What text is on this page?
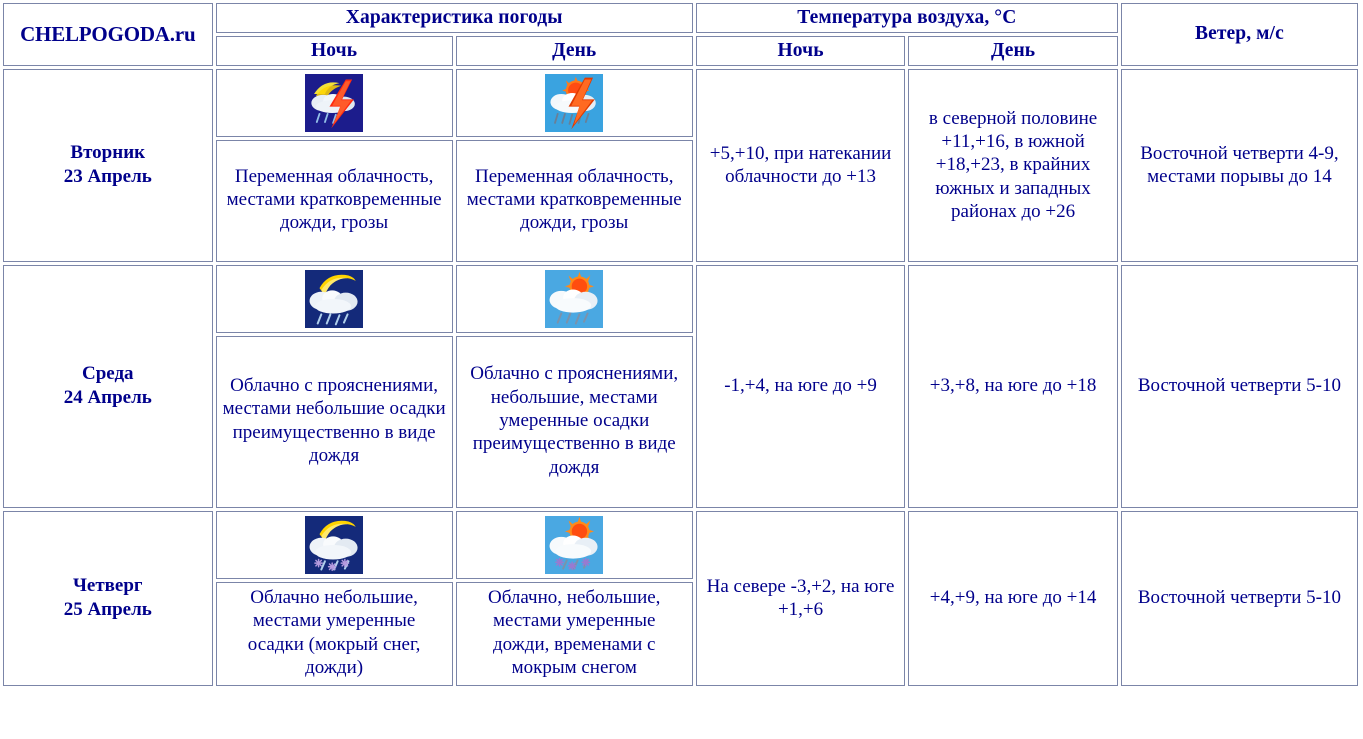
CHELPOGODA.ru	Характеристика погоды		Температура воздуха, °C		Ветер, м/с
	Ночь	День	Ночь	День	

Вторник
23 Апрель	Переменная облачность, местами кратковременные дожди, грозы	Переменная облачность, местами кратковременные дожди, грозы	+5,+10, при натекании облачности до +13	в северной половине +11,+16, в южной +18,+23, в крайних южных и западных районах до +26	Восточной четверти 4-9, местами порывы до 14

Среда
24 Апрель	Облачно с прояснениями, местами небольшие осадки преимущественно в виде дождя	Облачно с прояснениями, небольшие, местами умеренные осадки преимущественно в виде дождя	-1,+4, на юге до +9	+3,+8, на юге до +18	Восточной четверти 5-10

Четверг
25 Апрель	Облачно небольшие, местами умеренные осадки (мокрый снег, дожди)	Облачно, небольшие, местами умеренные дожди, временами с мокрым снегом	На севере -3,+2, на юге +1,+6	+4,+9, на юге до +14	Восточной четверти 5-10
